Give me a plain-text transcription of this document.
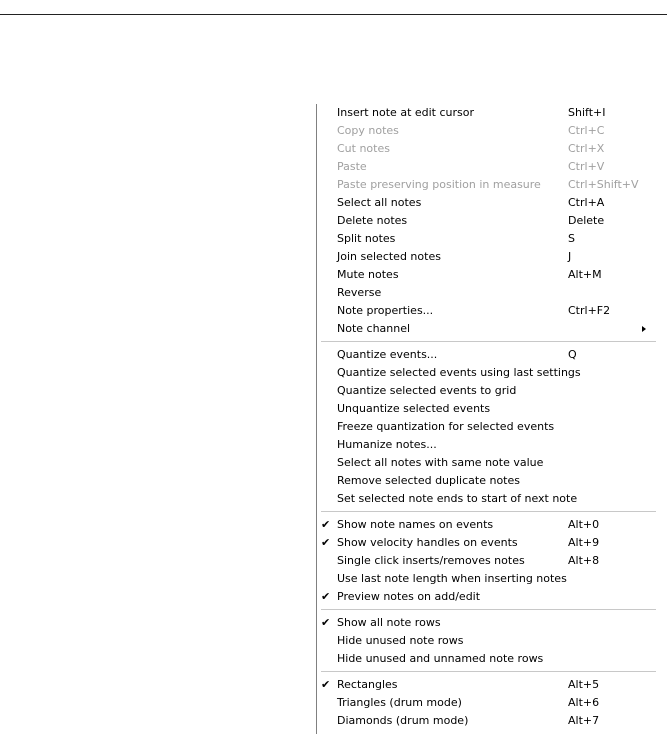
Insert note at edit cursor	Shift+I
Copy notes	Ctrl+C
Cut notes	Ctrl+X
Paste	Ctrl+V
Paste preserving position in measure Ctrl+Shift+V
Select all notes	Ctrl+A
Delete notes	Delete
Split notes	S
Join selected notes	J
Mute notes	Alt+M
Reverse
Note properties...	Ctrl+F2
Note channel
Quantize events...	Q
Quantize selected events using last settings
Quantize selected events to grid
Unquantize selected events
Freeze quantization for selected events
Humanize notes...
Select all notes with same note value
Remove selected duplicate notes
Set selected note ends to start of next note
✔ Show note names on events	Alt+0
✔ Show velocity handles on events	Alt+9
Single click inserts/removes notes	Alt+8
Use last note length when inserting notes
✔ Preview notes on add/edit
✔ Show all note rows
Hide unused note rows
Hide unused and unnamed note rows
✔ Rectangles	Alt+5
Triangles (drum mode)	Alt+6
Diamonds (drum mode)	Alt+7
